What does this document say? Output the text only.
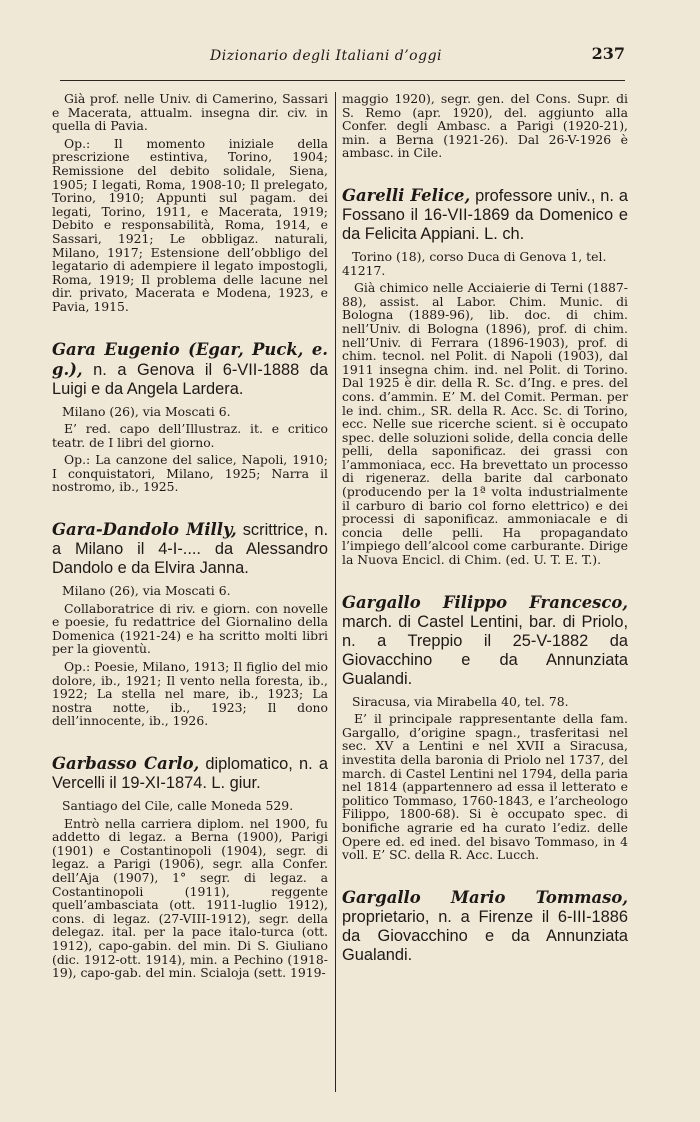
Dizionario degli Italiani d’oggi	237

Già prof. nelle Univ. di Camerino, Sassari e Macerata, attualm. insegna dir. civ. in quella di Pavia.

Op.: Il momento iniziale della prescrizione estintiva, Torino, 1904; Remissione del debito solidale, Siena, 1905; I legati, Roma, 1908-10; Il prelegato, Torino, 1910; Appunti sul pagam. dei legati, Torino, 1911, e Macerata, 1919; Debito e responsabilità, Roma, 1914, e Sassari, 1921; Le obbligaz. naturali, Milano, 1917; Estensione dell’obbligo del legatario di adempiere il legato impostogli, Roma, 1919; Il problema delle lacune nel dir. privato, Macerata e Modena, 1923, e Pavia, 1915.

Gara Eugenio (Egar, Puck, e. g.), n. a Genova il 6-VII-1888 da Luigi e da Angela Lardera.

Milano (26), via Moscati 6.

E’ red. capo dell’Illustraz. it. e critico teatr. de I libri del giorno.

Op.: La canzone del salice, Napoli, 1910; I conquistatori, Milano, 1925; Narra il nostromo, ib., 1925.

Gara-Dandolo Milly, scrittrice, n. a Milano il 4-I-.... da Alessandro Dandolo e da Elvira Janna.

Milano (26), via Moscati 6.

Collaboratrice di riv. e giorn. con novelle e poesie, fu redattrice del Giornalino della Domenica (1921-24) e ha scritto molti libri per la gioventù.

Op.: Poesie, Milano, 1913; Il figlio del mio dolore, ib., 1921; Il vento nella foresta, ib., 1922; La stella nel mare, ib., 1923; La nostra notte, ib., 1923; Il dono dell’innocente, ib., 1926.

Garbasso Carlo, diplomatico, n. a Vercelli il 19-XI-1874. L. giur.

Santiago del Cile, calle Moneda 529.

Entrò nella carriera diplom. nel 1900, fu addetto di legaz. a Berna (1900), Parigi (1901) e Costantinopoli (1904), segr. di legaz. a Parigi (1906), segr. alla Confer. dell’Aja (1907), 1° segr. di legaz. a Costantinopoli (1911), reggente quell’ambasciata (ott. 1911-luglio 1912), cons. di legaz. (27-VIII-1912), segr. della delegaz. ital. per la pace italo-turca (ott. 1912), capo-gabin. del min. Di S. Giuliano (dic. 1912-ott. 1914), min. a Pechino (1918-19), capo-gab. del min. Scialoja (sett. 1919-

maggio 1920), segr. gen. del Cons. Supr. di S. Remo (apr. 1920), del. aggiunto alla Confer. degli Ambasc. a Parigi (1920-21), min. a Berna (1921-26). Dal 26-V-1926 è ambasc. in Cile.

Garelli Felice, professore univ., n. a Fossano il 16-VII-1869 da Domenico e da Felicita Appiani. L. ch.

Torino (18), corso Duca di Genova 1, tel. 41217.

Già chimico nelle Acciaierie di Terni (1887-88), assist. al Labor. Chim. Munic. di Bologna (1889-96), lib. doc. di chim. nell’Univ. di Bologna (1896), prof. di chim. nell’Univ. di Ferrara (1896-1903), prof. di chim. tecnol. nel Polit. di Napoli (1903), dal 1911 insegna chim. ind. nel Polit. di Torino. Dal 1925 è dir. della R. Sc. d’Ing. e pres. del cons. d’ammin. E’ M. del Comit. Perman. per le ind. chim., SR. della R. Acc. Sc. di Torino, ecc. Nelle sue ricerche scient. si è occupato spec. delle soluzioni solide, della concia delle pelli, della saponificaz. dei grassi con l’ammoniaca, ecc. Ha brevettato un processo di rigeneraz. della barite dal carbonato (producendo per la 1ª volta industrialmente il carburo di bario col forno elettrico) e dei processi di saponificaz. ammoniacale e di concia delle pelli. Ha propagandato l’impiego dell’alcool come carburante. Dirige la Nuova Encicl. di Chim. (ed. U. T. E. T.).

Gargallo Filippo Francesco, march. di Castel Lentini, bar. di Priolo, n. a Treppio il 25-V-1882 da Giovacchino e da Annunziata Gualandi.

Siracusa, via Mirabella 40, tel. 78.

E’ il principale rappresentante della fam. Gargallo, d’origine spagn., trasferitasi nel sec. XV a Lentini e nel XVII a Siracusa, investita della baronia di Priolo nel 1737, del march. di Castel Lentini nel 1794, della paria nel 1814 (appartennero ad essa il letterato e politico Tommaso, 1760-1843, e l’archeologo Filippo, 1800-68). Si è occupato spec. di bonifiche agrarie ed ha curato l’ediz. delle Opere ed. ed ined. del bisavo Tommaso, in 4 voll. E’ SC. della R. Acc. Lucch.

Gargallo Mario Tommaso, proprietario, n. a Firenze il 6-III-1886 da Giovacchino e da Annunziata Gualandi.
